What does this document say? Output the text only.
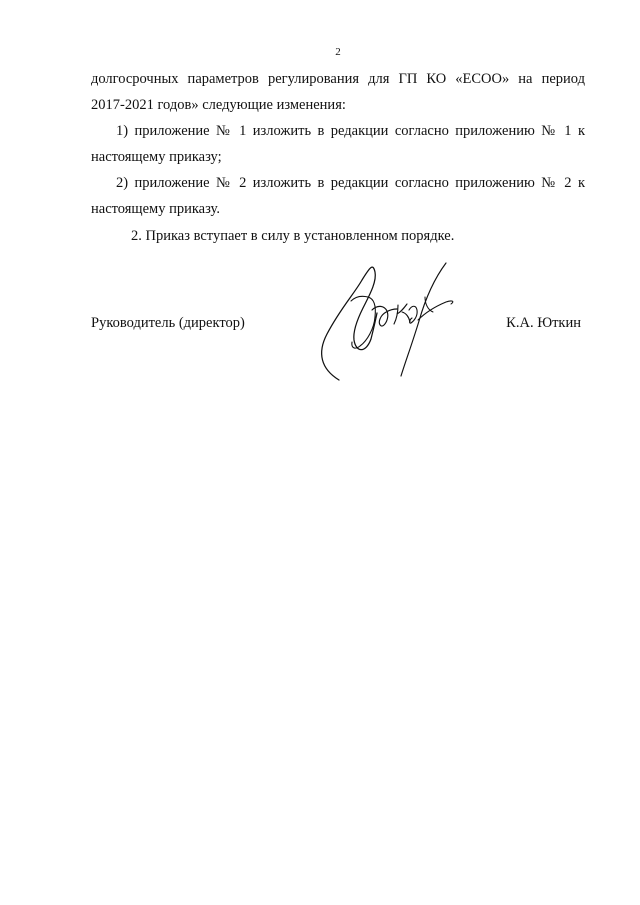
2
долгосрочных параметров регулирования для ГП КО «ЕСОО» на период
2017-2021 годов» следующие изменения:
1) приложение № 1 изложить в редакции согласно приложению № 1 к
настоящему приказу;
2) приложение № 2 изложить в редакции согласно приложению № 2 к
настоящему приказу.
2. Приказ вступает в силу в установленном порядке.
Руководитель (директор)	К.А. Юткин
